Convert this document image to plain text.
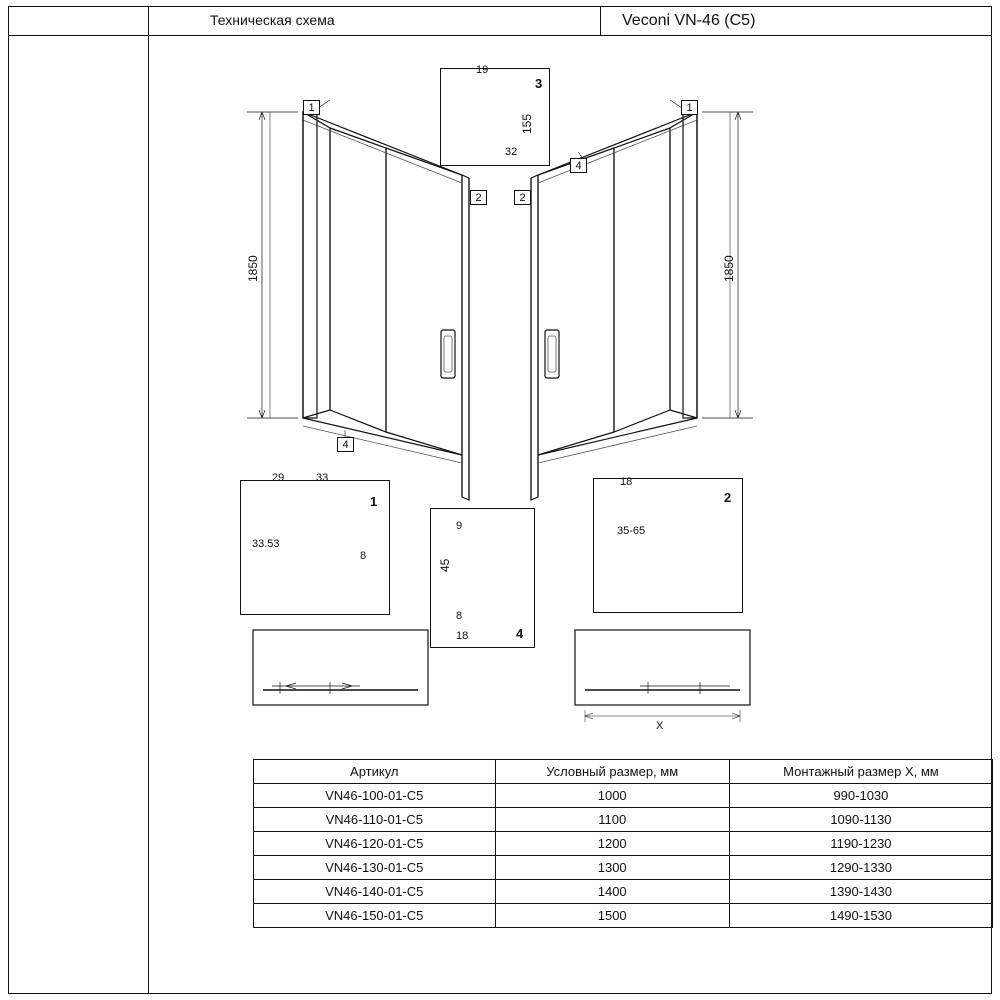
Техническая схема	Veconi VN-46 (C5)
3
1	2
4
1	1
2	2
4
4
1850	1850
19
155
32
29	33
33.53
8
18
35-65
9
45
8
18
X
Артикул	Условный размер, мм	Монтажный размер X, мм
VN46-100-01-C5	1000	990-1030
VN46-110-01-C5	1100	1090-1130
VN46-120-01-C5	1200	1190-1230
VN46-130-01-C5	1300	1290-1330
VN46-140-01-C5	1400	1390-1430
VN46-150-01-C5	1500	1490-1530
